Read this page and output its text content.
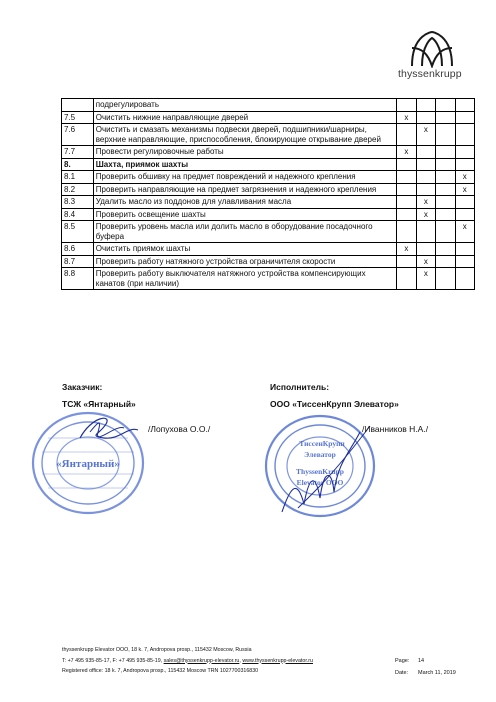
thyssenkrupp
	подрегулировать				
7.5	Очистить нижние направляющие дверей	x			
7.6	Очистить и смазать механизмы подвески дверей, подшипники/шарниры, верхние направляющие, приспособления, блокирующие открывание дверей		x		
7.7	Провести регулировочные работы	x			
8.	Шахта, приямок шахты				
8.1	Проверить обшивку на предмет повреждений и надежного крепления				x
8.2	Проверить направляющие на предмет загрязнения и надежного крепления				x
8.3	Удалить масло из поддонов для улавливания масла		x		
8.4	Проверить освещение шахты		x		
8.5	Проверить уровень масла или долить масло в оборудование посадочного буфера				x
8.6	Очистить приямок шахты	x			
8.7	Проверить работу натяжного устройства ограничителя скорости		x		
8.8	Проверить работу выключателя натяжного устройства компенсирующих канатов (при наличии)		x		
Заказчик:
ТСЖ «Янтарный»
«Янтарный»
/Лопухова О.О./
Исполнитель:
ООО «ТиссенКрупп Элеватор»
ТиссенКрупп
Элеватор
ThyssenKrupp
Elevator ООО
/Иванников Н.А./
thyssenkrupp Elevator OOO, 18 k. 7, Andropova prosp., 115432 Moscow, Russia
T: +7 495 935-85-17, F: +7 495 935-85-19, sales@thyssenkrupp-elevator.ru, www.thyssenkrupp-elevator.ru
Registered office: 18 k. 7, Andropova prosp., 115432 Moscow TRN 1027700316830
Page: 14
Date: March 11, 2019
